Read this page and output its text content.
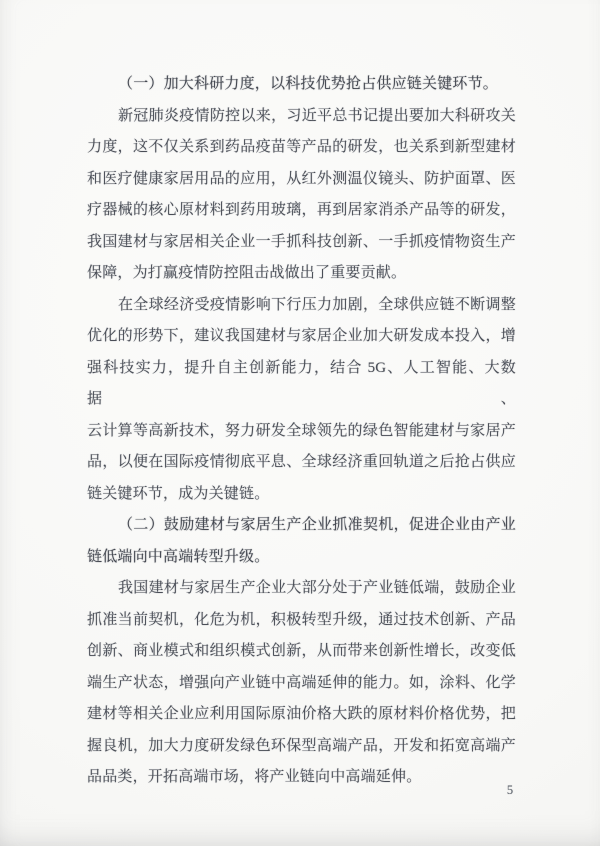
（一）加大科研力度，以科技优势抢占供应链关键环节。
新冠肺炎疫情防控以来，习近平总书记提出要加大科研攻关
力度，这不仅关系到药品疫苗等产品的研发，也关系到新型建材
和医疗健康家居用品的应用，从红外测温仪镜头、防护面罩、医
疗器械的核心原材料到药用玻璃，再到居家消杀产品等的研发，
我国建材与家居相关企业一手抓科技创新、一手抓疫情物资生产
保障，为打赢疫情防控阻击战做出了重要贡献。
在全球经济受疫情影响下行压力加剧，全球供应链不断调整
优化的形势下，建议我国建材与家居企业加大研发成本投入，增
强科技实力，提升自主创新能力，结合 5G、人工智能、大数据、
云计算等高新技术，努力研发全球领先的绿色智能建材与家居产
品，以便在国际疫情彻底平息、全球经济重回轨道之后抢占供应
链关键环节，成为关键链。
（二）鼓励建材与家居生产企业抓准契机，促进企业由产业
链低端向中高端转型升级。
我国建材与家居生产企业大部分处于产业链低端，鼓励企业
抓准当前契机，化危为机，积极转型升级，通过技术创新、产品
创新、商业模式和组织模式创新，从而带来创新性增长，改变低
端生产状态，增强向产业链中高端延伸的能力。如，涂料、化学
建材等相关企业应利用国际原油价格大跌的原材料价格优势，把
握良机，加大力度研发绿色环保型高端产品，开发和拓宽高端产
品品类，开拓高端市场，将产业链向中高端延伸。
5
